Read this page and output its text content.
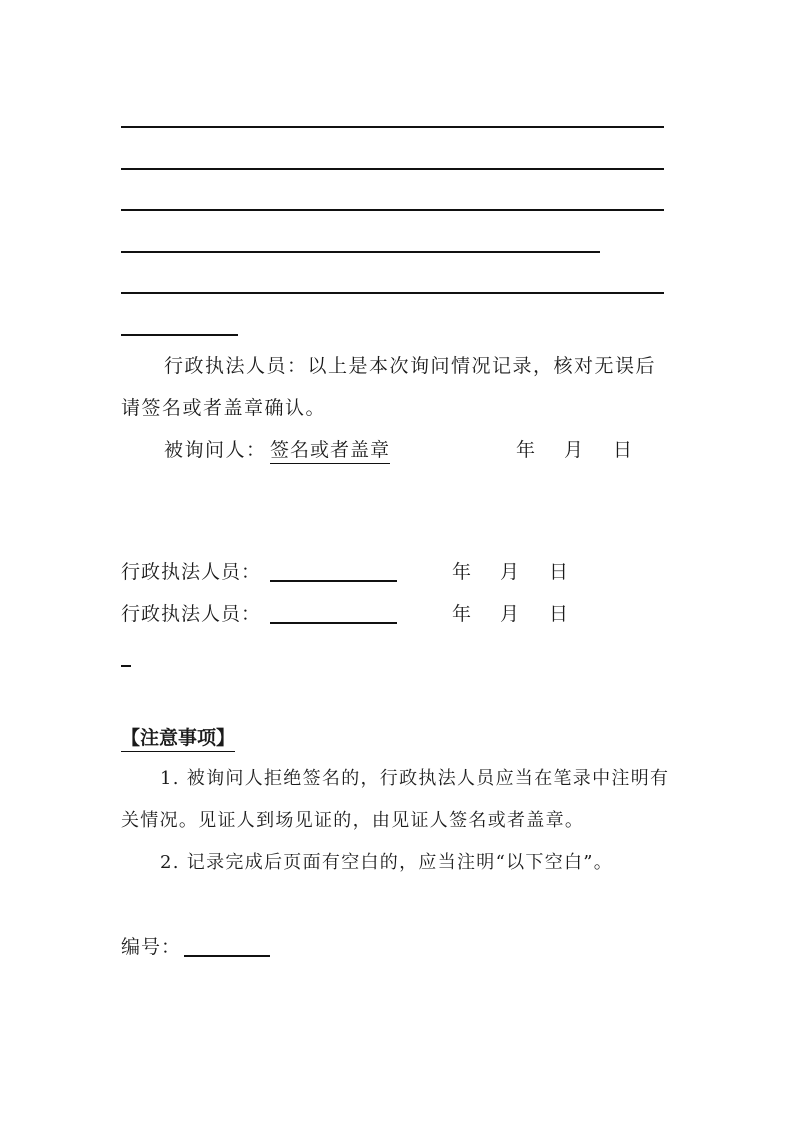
行政执法人员：以上是本次询问情况记录，核对无误后
请签名或者盖章确认。
被询问人： 签名或者盖章	年 月 日
行政执法人员：	年 月 日
行政执法人员：	年 月 日
【注意事项】
1. 被询问人拒绝签名的，行政执法人员应当在笔录中注明有
关情况。见证人到场见证的，由见证人签名或者盖章。
2. 记录完成后页面有空白的，应当注明“以下空白”。
编号：
